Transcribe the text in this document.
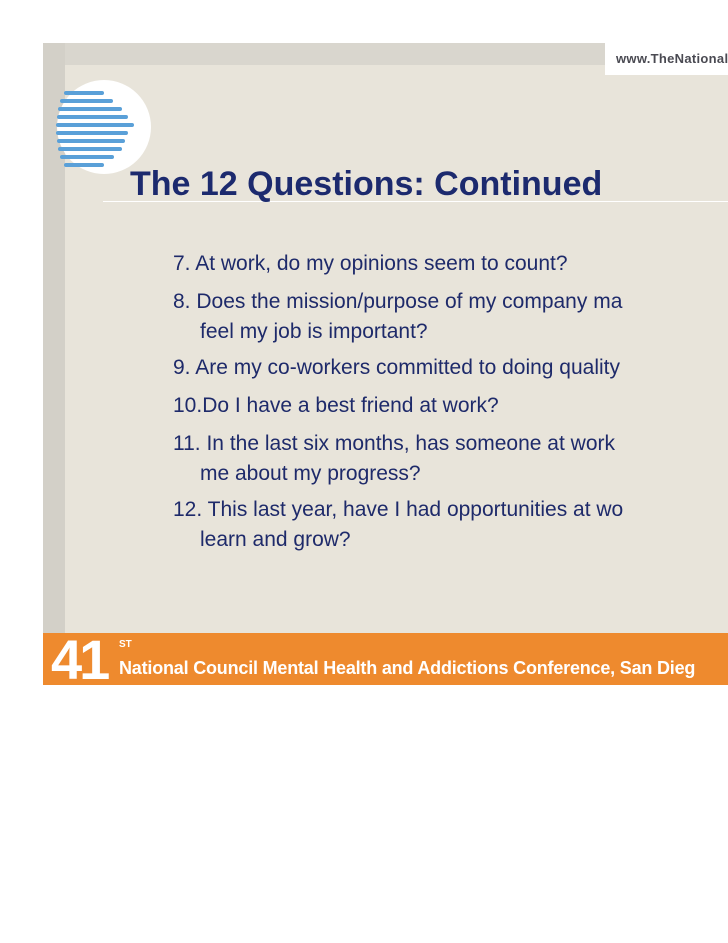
www.TheNational
The 12 Questions: Continued
7. At work, do my opinions seem to count?
8. Does the mission/purpose of my company ma
feel my job is important?
9. Are my co-workers committed to doing quality
10.Do I have a best friend at work?
11. In the last six months, has someone at work
me about my progress?
12. This last year, have I had opportunities at wo
learn and grow?
41 ST
National Council Mental Health and Addictions Conference, San Dieg
